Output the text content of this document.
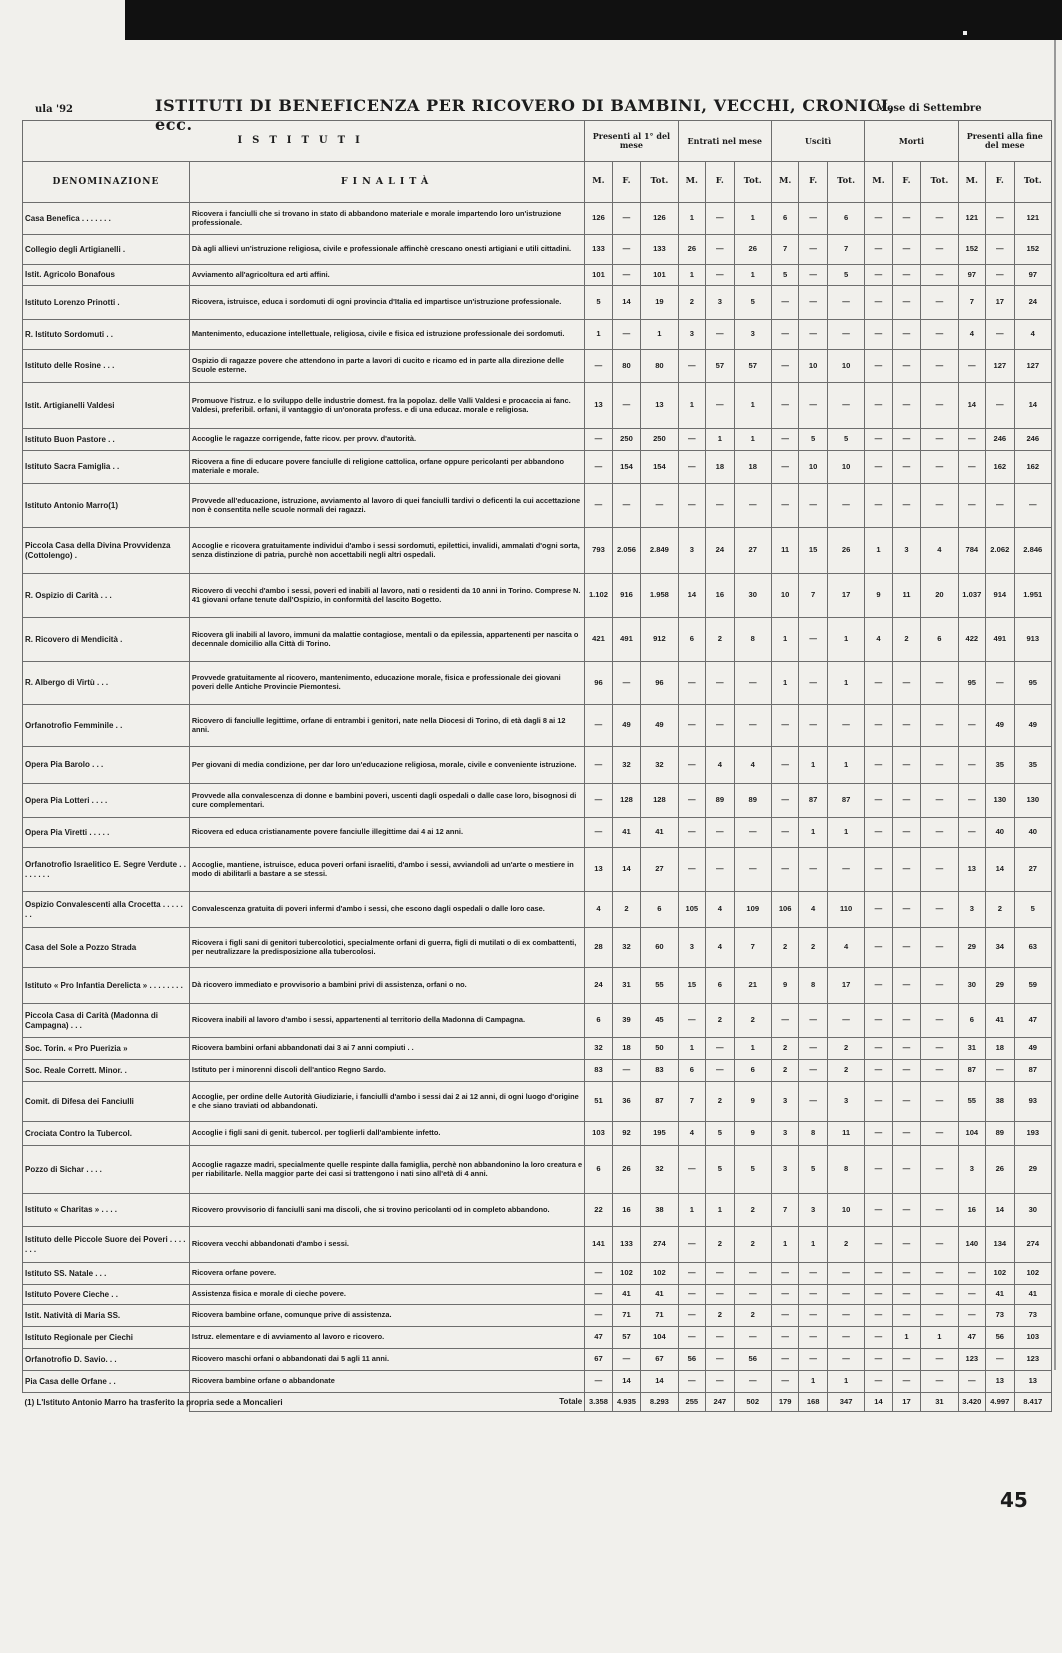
ula '92	ISTITUTI DI BENEFICENZA PER RICOVERO DI BAMBINI, VECCHI, CRONICI, ecc.
Mese di Settembre
ISTITUTI		Presenti al 1° del mese			Entrati nel mese			Uscitì			Morti			Presenti alla fine del mese		
DENOMINAZIONE	FINALITÀ	M.	F.	Tot.	M.	F.	Tot.	M.	F.	Tot.	M.	F.	Tot.	M.	F.	Tot.
Casa Benefica . . . . . . .	Ricovera i fanciulli che si trovano in stato di abbandono materiale e morale impartendo loro un'istruzione professionale.	126	—	126	1	—	1	6	—	6	—	—	—	121	—	121
Collegio degli Artigianelli .	Dà agli allievi un'istruzione religiosa, civile e professionale affinchè crescano onesti artigiani e utili cittadini.	133	—	133	26	—	26	7	—	7	—	—	—	152	—	152
Istit. Agricolo Bonafous	Avviamento all'agricoltura ed arti affini.	101	—	101	1	—	1	5	—	5	—	—	—	97	—	97
Istituto Lorenzo Prinotti .	Ricovera, istruisce, educa i sordomuti di ogni provincia d'Italia ed impartisce un'istruzione professionale.	5	14	19	2	3	5	—	—	—	—	—	—	7	17	24
R. Istituto Sordomuti . .	Mantenimento, educazione intellettuale, religiosa, civile e fisica ed istruzione professionale dei sordomuti.	1	—	1	3	—	3	—	—	—	—	—	—	4	—	4
Istituto delle Rosine . . .	Ospizio di ragazze povere che attendono in parte a lavori di cucito e ricamo ed in parte alla direzione delle Scuole esterne.	—	80	80	—	57	57	—	10	10	—	—	—	—	127	127
Istit. Artigianelli Valdesi	Promuove l'istruz. e lo sviluppo delle industrie domest. fra la popolaz. delle Valli Valdesi e procaccia ai fanc. Valdesi, preferibil. orfani, il vantaggio di un'onorata profess. e di una educaz. morale e religiosa.	13	—	13	1	—	1	—	—	—	—	—	—	14	—	14
Istituto Buon Pastore . .	Accoglie le ragazze corrigende, fatte ricov. per provv. d'autorità.	—	250	250	—	1	1	—	5	5	—	—	—	—	246	246
Istituto Sacra Famiglia . .	Ricovera a fine di educare povere fanciulle di religione cattolica, orfane oppure pericolanti per abbandono materiale e morale.	—	154	154	—	18	18	—	10	10	—	—	—	—	162	162
Istituto Antonio Marro(1)	Provvede all'educazione, istruzione, avviamento al lavoro di quei fanciulli tardivi o deficenti la cui accettazione non è consentita nelle scuole normali dei ragazzi.	—	—	—	—	—	—	—	—	—	—	—	—	—	—	—
Piccola Casa della Divina Provvidenza (Cottolengo) .	Accoglie e ricovera gratuitamente individui d'ambo i sessi sordomuti, epilettici, invalidi, ammalati d'ogni sorta, senza distinzione di patria, purchè non accettabili negli altri ospedali.	793	2.056	2.849	3	24	27	11	15	26	1	3	4	784	2.062	2.846
R. Ospizio di Carità . . .	Ricovero di vecchi d'ambo i sessi, poveri ed inabili al lavoro, nati o residenti da 10 anni in Torino. Comprese N. 41 giovani orfane tenute dall'Ospizio, in conformità del lascito Bogetto.	1.102	916	1.958	14	16	30	10	7	17	9	11	20	1.037	914	1.951
R. Ricovero di Mendicità .	Ricovera gli inabili al lavoro, immuni da malattie contagiose, mentali o da epilessia, appartenenti per nascita o decennale domicilio alla Città di Torino.	421	491	912	6	2	8	1	—	1	4	2	6	422	491	913
R. Albergo di Virtù . . .	Provvede gratuitamente al ricovero, mantenimento, educazione morale, fisica e professionale dei giovani poveri delle Antiche Provincie Piemontesi.	96	—	96	—	—	—	1	—	1	—	—	—	95	—	95
Orfanotrofio Femminile . .	Ricovero di fanciulle legittime, orfane di entrambi i genitori, nate nella Diocesi di Torino, di età dagli 8 ai 12 anni.	—	49	49	—	—	—	—	—	—	—	—	—	—	49	49
Opera Pia Barolo . . .	Per giovani di media condizione, per dar loro un'educazione religiosa, morale, civile e conveniente istruzione.	—	32	32	—	4	4	—	1	1	—	—	—	—	35	35
Opera Pia Lotteri . . . .	Provvede alla convalescenza di donne e bambini poveri, uscenti dagli ospedali o dalle case loro, bisognosi di cure complementari.	—	128	128	—	89	89	—	87	87	—	—	—	—	130	130
Opera Pia Viretti . . . . .	Ricovera ed educa cristianamente povere fanciulle illegittime dai 4 ai 12 anni.	—	41	41	—	—	—	—	1	1	—	—	—	—	40	40
Orfanotrofio Israelitico E. Segre Verdute . . . . . . . .	Accoglie, mantiene, istruisce, educa poveri orfani israeliti, d'ambo i sessi, avviandoli ad un'arte o mestiere in modo di abilitarli a bastare a se stessi.	13	14	27	—	—	—	—	—	—	—	—	—	13	14	27
Ospizio Convalescenti alla Crocetta . . . . . . .	Convalescenza gratuita di poveri infermi d'ambo i sessi, che escono dagli ospedali o dalle loro case.	4	2	6	105	4	109	106	4	110	—	—	—	3	2	5
Casa del Sole a Pozzo Strada	Ricovera i figli sani di genitori tubercolotici, specialmente orfani di guerra, figli di mutilati o di ex combattenti, per neutralizzare la predisposizione alla tubercolosi.	28	32	60	3	4	7	2	2	4	—	—	—	29	34	63
Istituto « Pro Infantia Derelicta » . . . . . . . .	Dà ricovero immediato e provvisorio a bambini privi di assistenza, orfani o no.	24	31	55	15	6	21	9	8	17	—	—	—	30	29	59
Piccola Casa di Carità (Madonna di Campagna) . . .	Ricovera inabili al lavoro d'ambo i sessi, appartenenti al territorio della Madonna di Campagna.	6	39	45	—	2	2	—	—	—	—	—	—	6	41	47
Soc. Torin. « Pro Puerizia »	Ricovera bambini orfani abbandonati dai 3 ai 7 anni compiuti . .	32	18	50	1	—	1	2	—	2	—	—	—	31	18	49
Soc. Reale Corrett. Minor. .	Istituto per i minorenni discoli dell'antico Regno Sardo.	83	—	83	6	—	6	2	—	2	—	—	—	87	—	87
Comit. di Difesa dei Fanciulli	Accoglie, per ordine delle Autorità Giudiziarie, i fanciulli d'ambo i sessi dai 2 ai 12 anni, di ogni luogo d'origine e che siano traviati od abbandonati.	51	36	87	7	2	9	3	—	3	—	—	—	55	38	93
Crociata Contro la Tubercol.	Accoglie i figli sani di genit. tubercol. per toglierli dall'ambiente infetto.	103	92	195	4	5	9	3	8	11	—	—	—	104	89	193
Pozzo di Sichar . . . .	Accoglie ragazze madri, specialmente quelle respinte dalla famiglia, perchè non abbandonino la loro creatura e per riabilitarle. Nella maggior parte dei casi si trattengono i nati sino all'età di 4 anni.	6	26	32	—	5	5	3	5	8	—	—	—	3	26	29
Istituto « Charitas » . . . .	Ricovero provvisorio di fanciulli sani ma discoli, che si trovino pericolanti od in completo abbandono.	22	16	38	1	1	2	7	3	10	—	—	—	16	14	30
Istituto delle Piccole Suore dei Poveri . . . . . . .	Ricovera vecchi abbandonati d'ambo i sessi.	141	133	274	—	2	2	1	1	2	—	—	—	140	134	274
Istituto SS. Natale . . .	Ricovera orfane povere.	—	102	102	—	—	—	—	—	—	—	—	—	—	102	102
Istituto Povere Cieche . .	Assistenza fisica e morale di cieche povere.	—	41	41	—	—	—	—	—	—	—	—	—	—	41	41
Istit. Natività di Maria SS.	Ricovera bambine orfane, comunque prive di assistenza.	—	71	71	—	2	2	—	—	—	—	—	—	—	73	73
Istituto Regionale per Ciechi	Istruz. elementare e di avviamento al lavoro e ricovero.	47	57	104	—	—	—	—	—	—	—	1	1	47	56	103
Orfanotrofio D. Savio. . .	Ricovero maschi orfani o abbandonati dai 5 agli 11 anni.	67	—	67	56	—	56	—	—	—	—	—	—	123	—	123
Pia Casa delle Orfane . .	Ricovera bambine orfane o abbandonate	—	14	14	—	—	—	—	1	1	—	—	—	—	13	13
(1) L'Istituto Antonio Marro ha trasferito la propria sede a Moncalieri	Totale	3.358	4.935	8.293	255	247	502	179	168	347	14	17	31	3.420	4.997	8.417
45
